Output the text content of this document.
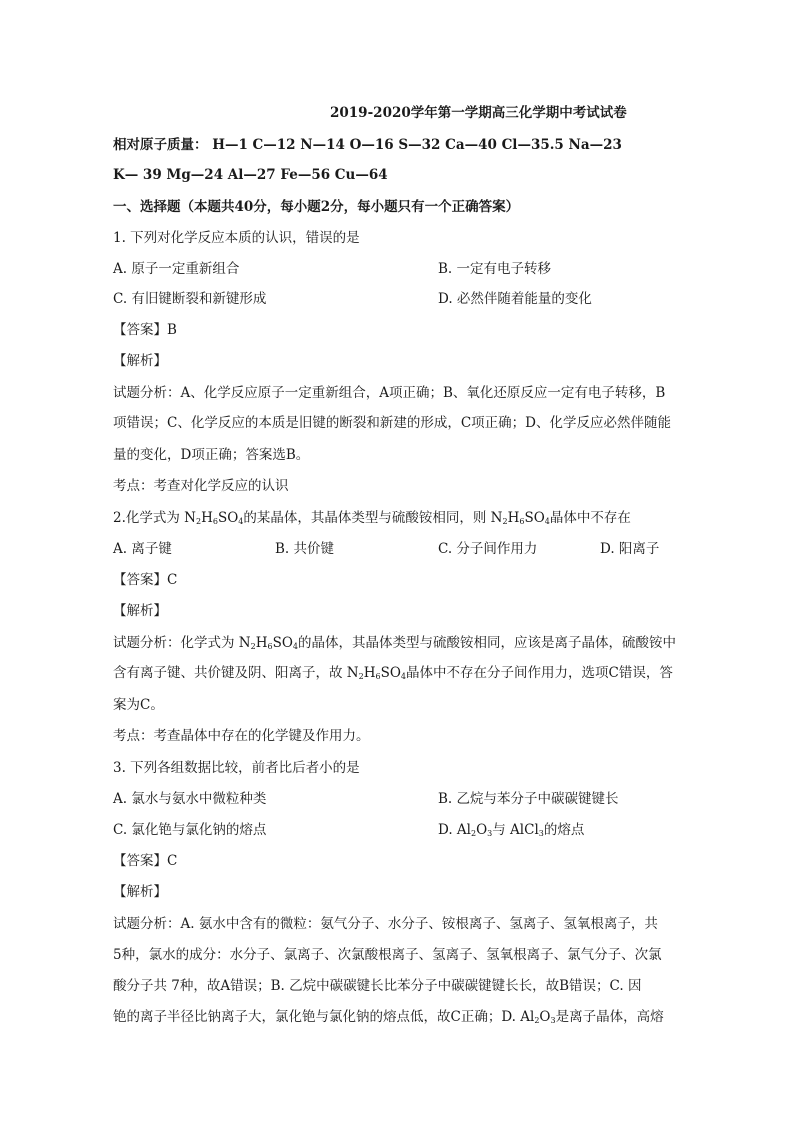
2019-2020学年第一学期高三化学期中考试试卷
相对原子质量： H—1 C—12 N—14 O—16 S—32 Ca—40 Cl—35.5 Na—23
K— 39 Mg—24 Al—27 Fe—56 Cu—64
一、选择题（本题共40分，每小题2分，每小题只有一个正确答案）
1. 下列对化学反应本质的认识，错误的是
A. 原子一定重新组合	B. 一定有电子转移
C. 有旧键断裂和新键形成	D. 必然伴随着能量的变化
【答案】B
【解析】
试题分析：A、化学反应原子一定重新组合，A项正确；B、氧化还原反应一定有电子转移，B
项错误；C、化学反应的本质是旧键的断裂和新建的形成，C项正确；D、化学反应必然伴随能
量的变化，D项正确；答案选B。
考点：考查对化学反应的认识
2.化学式为 $N_2H_6SO_4$的某晶体，其晶体类型与硫酸铵相同，则 $N_2H_6SO_4$晶体中不存在
A. 离子键	B. 共价键	C. 分子间作用力	D. 阳离子
【答案】C
【解析】
试题分析：化学式为 $N_2H_6SO_4$的晶体，其晶体类型与硫酸铵相同，应该是离子晶体，硫酸铵中
含有离子键、共价键及阴、阳离子，故 $N_2H_6SO_4$晶体中不存在分子间作用力，选项C错误，答
案为C。
考点：考查晶体中存在的化学键及作用力。
3. 下列各组数据比较，前者比后者小的是
A. 氯水与氨水中微粒种类	B. 乙烷与苯分子中碳碳键键长
C. 氯化铯与氯化钠的熔点	D. $Al_2O_3$与 AlCl$_3$的熔点
【答案】C
【解析】
试题分析：A. 氨水中含有的微粒：氨气分子、水分子、铵根离子、氢离子、氢氧根离子，共
5种，氯水的成分：水分子、氯离子、次氯酸根离子、氢离子、氢氧根离子、氯气分子、次氯
酸分子共 7种，故A错误；B. 乙烷中碳碳键长比苯分子中碳碳键键长长，故B错误；C. 因
铯的离子半径比钠离子大，氯化铯与氯化钠的熔点低，故C正确；D. $Al_2O_3$是离子晶体，高熔
